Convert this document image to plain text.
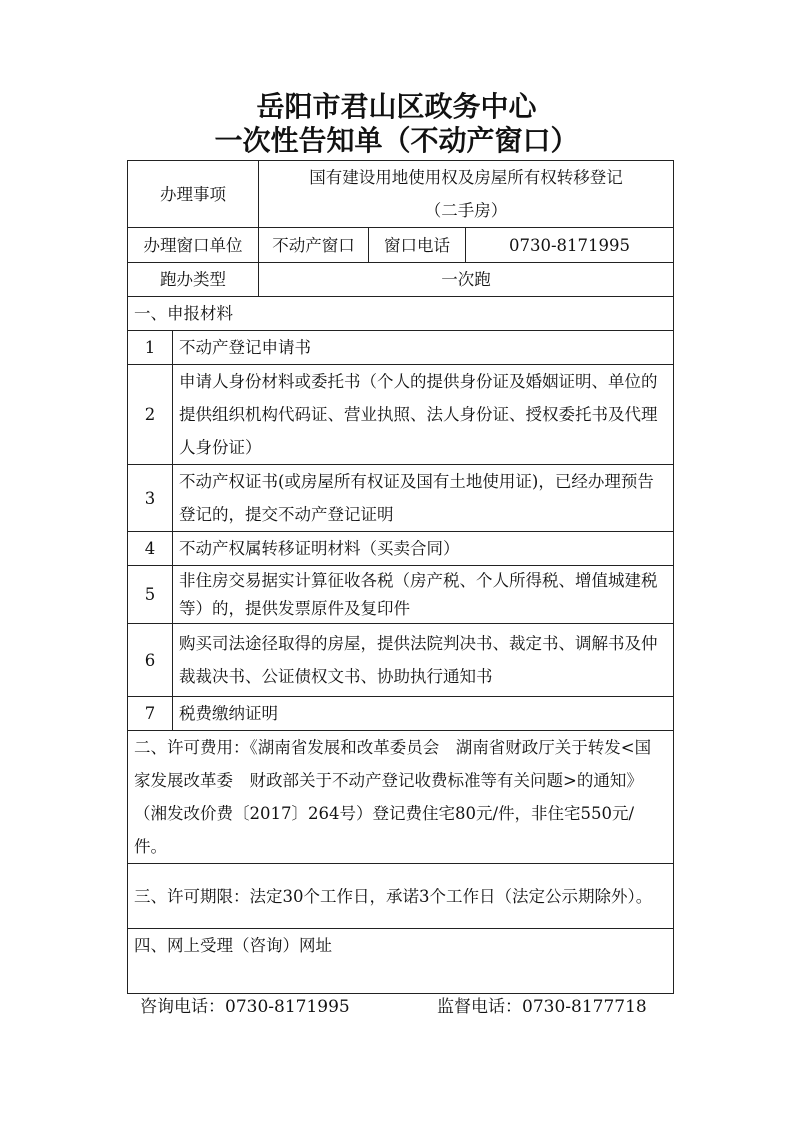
岳阳市君山区政务中心
一次性告知单（不动产窗口）
办理事项		国有建设用地使用权及房屋所有权转移登记
（二手房）		

办理窗口单位		不动产窗口	窗口电话	0730-8171995
跑办类型		一次跑		
一、申报材料				
1	不动产登记申请书			
2	申请人身份材料或委托书（个人的提供身份证及婚姻证明、单位的提供组织机构代码证、营业执照、法人身份证、授权委托书及代理人身份证）			
3	不动产权证书(或房屋所有权证及国有土地使用证)，已经办理预告登记的，提交不动产登记证明			
4	不动产权属转移证明材料（买卖合同）			
5	非住房交易据实计算征收各税（房产税、个人所得税、增值城建税等）的，提供发票原件及复印件			
6	购买司法途径取得的房屋，提供法院判决书、裁定书、调解书及仲裁裁决书、公证债权文书、协助执行通知书			
7	税费缴纳证明			
二、许可费用：《湖南省发展和改革委员会　湖南省财政厅关于转发<国家发展改革委　财政部关于不动产登记收费标准等有关问题>的通知》（湘发改价费〔2017〕264号）登记费住宅80元/件，非住宅550元/件。				
三、许可期限：法定30个工作日，承诺3个工作日（法定公示期除外）。				
四、网上受理（咨询）网址				
咨询电话：0730-8171995	监督电话：0730-8177718
